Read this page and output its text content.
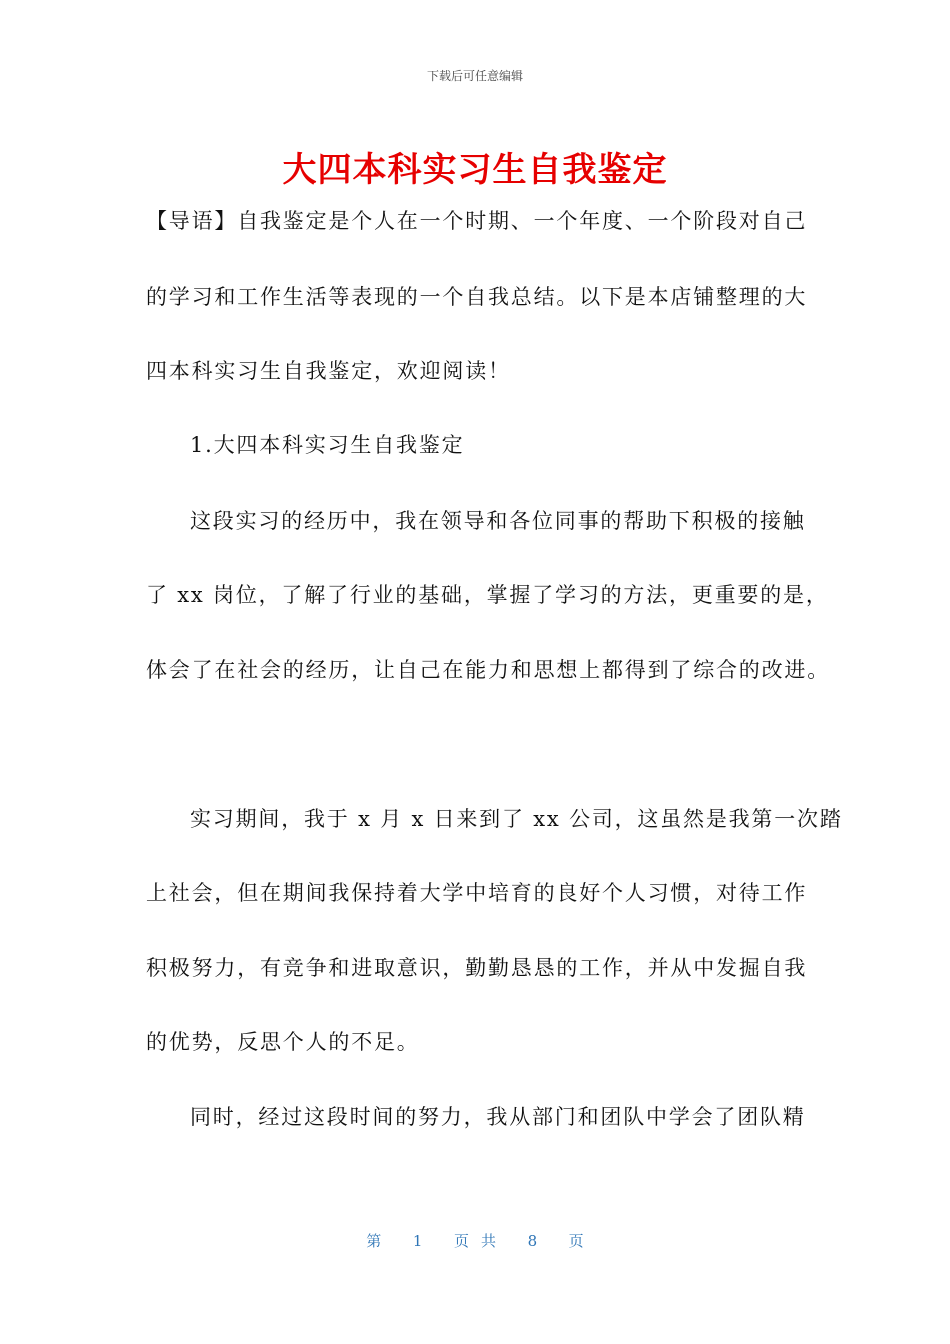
下载后可任意编辑
大四本科实习生自我鉴定
【导语】自我鉴定是个人在一个时期、一个年度、一个阶段对自己
的学习和工作生活等表现的一个自我总结。以下是本店铺整理的大
四本科实习生自我鉴定，欢迎阅读！
1.大四本科实习生自我鉴定
这段实习的经历中，我在领导和各位同事的帮助下积极的接触
了 xx 岗位，了解了行业的基础，掌握了学习的方法，更重要的是，
体会了在社会的经历，让自己在能力和思想上都得到了综合的改进。
实习期间，我于 x 月 x 日来到了 xx 公司，这虽然是我第一次踏
上社会，但在期间我保持着大学中培育的良好个人习惯，对待工作
积极努力，有竞争和进取意识，勤勤恳恳的工作，并从中发掘自我
的优势，反思个人的不足。
同时，经过这段时间的努力，我从部门和团队中学会了团队精
第 1 页共 8 页
